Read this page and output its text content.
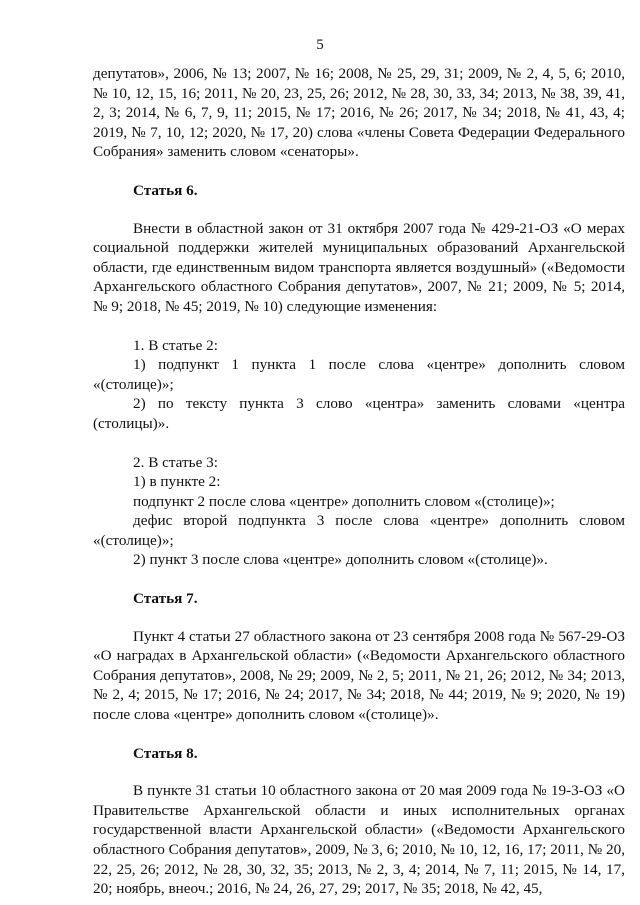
5

депутатов», 2006, № 13; 2007, № 16; 2008, № 25, 29, 31; 2009, № 2, 4, 5, 6; 2010, № 10, 12, 15, 16; 2011, № 20, 23, 25, 26; 2012, № 28, 30, 33, 34; 2013, № 38, 39, 41, 2, 3; 2014, № 6, 7, 9, 11; 2015, № 17; 2016, № 26; 2017, № 34; 2018, № 41, 43, 4; 2019, № 7, 10, 12; 2020, № 17, 20) слова «члены Совета Федерации Федерального Собрания» заменить словом «сенаторы».

Статья 6.

Внести в областной закон от 31 октября 2007 года № 429-21-ОЗ «О мерах социальной поддержки жителей муниципальных образований Архангельской области, где единственным видом транспорта является воздушный» («Ведомости Архангельского областного Собрания депутатов», 2007, № 21; 2009, № 5; 2014, № 9; 2018, № 45; 2019, № 10) следующие изменения:

1. В статье 2:

1) подпункт 1 пункта 1 после слова «центре» дополнить словом «(столице)»;

2) по тексту пункта 3 слово «центра» заменить словами «центра (столицы)».

2. В статье 3:

1) в пункте 2:

подпункт 2 после слова «центре» дополнить словом «(столице)»;

дефис второй подпункта 3 после слова «центре» дополнить словом «(столице)»;

2) пункт 3 после слова «центре» дополнить словом «(столице)».

Статья 7.

Пункт 4 статьи 27 областного закона от 23 сентября 2008 года № 567-29-ОЗ «О наградах в Архангельской области» («Ведомости Архангельского областного Собрания депутатов», 2008, № 29; 2009, № 2, 5; 2011, № 21, 26; 2012, № 34; 2013, № 2, 4; 2015, № 17; 2016, № 24; 2017, № 34; 2018, № 44; 2019, № 9; 2020, № 19) после слова «центре» дополнить словом «(столице)».

Статья 8.

В пункте 31 статьи 10 областного закона от 20 мая 2009 года № 19-3-ОЗ «О Правительстве Архангельской области и иных исполнительных органах государственной власти Архангельской области» («Ведомости Архангельского областного Собрания депутатов», 2009, № 3, 6; 2010, № 10, 12, 16, 17; 2011, № 20, 22, 25, 26; 2012, № 28, 30, 32, 35; 2013, № 2, 3, 4; 2014, № 7, 11; 2015, № 14, 17, 20; ноябрь, внеоч.; 2016, № 24, 26, 27, 29; 2017, № 35; 2018, № 42, 45,
